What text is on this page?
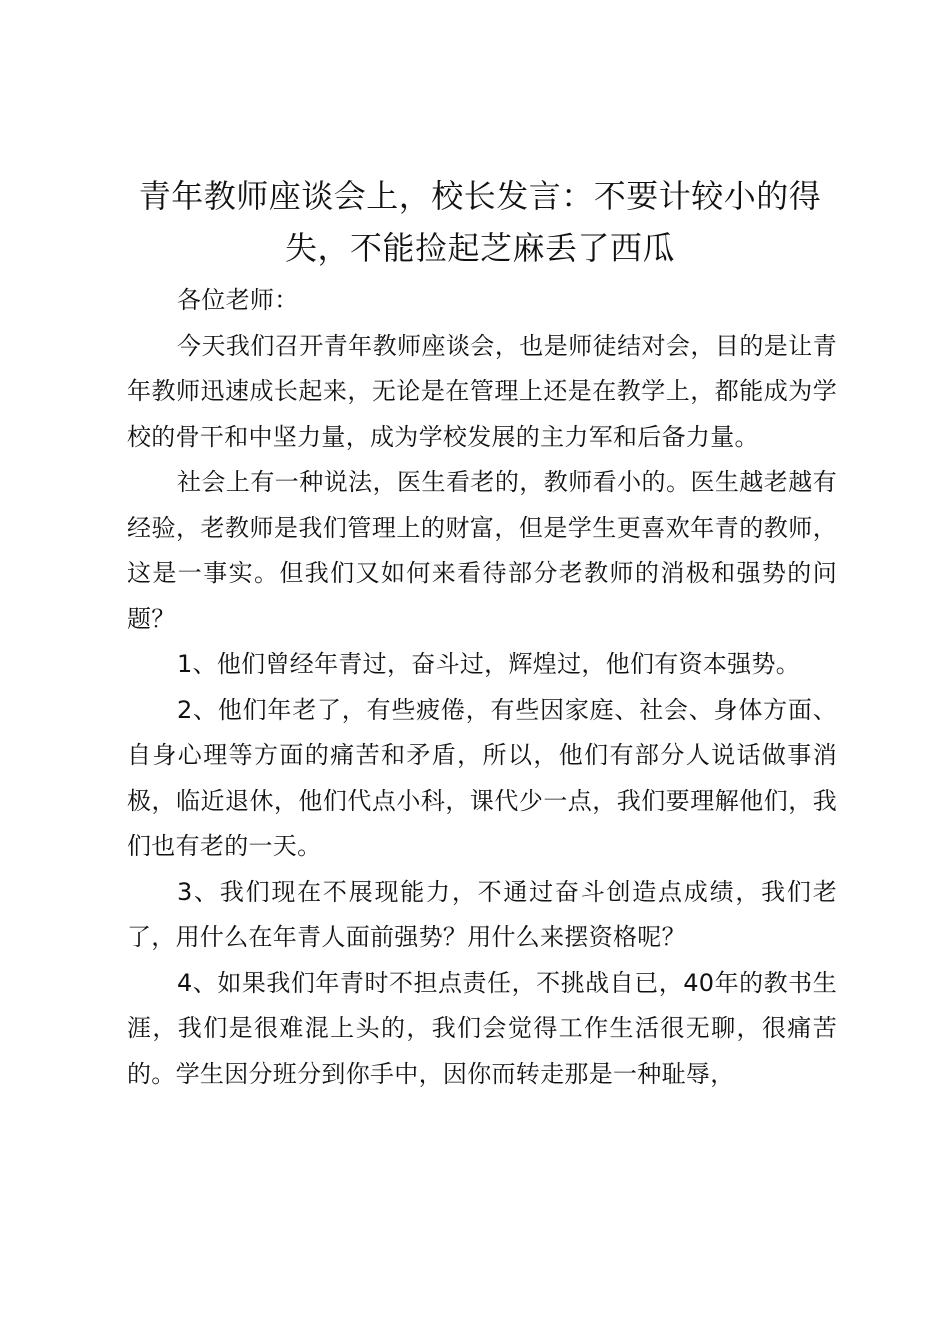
青年教师座谈会上，校长发言：不要计较小的得失，不能捡起芝麻丢了西瓜

各位老师：

今天我们召开青年教师座谈会，也是师徒结对会，目的是让青年教师迅速成长起来，无论是在管理上还是在教学上，都能成为学校的骨干和中坚力量，成为学校发展的主力军和后备力量。

社会上有一种说法，医生看老的，教师看小的。医生越老越有经验，老教师是我们管理上的财富，但是学生更喜欢年青的教师，这是一事实。但我们又如何来看待部分老教师的消极和强势的问题？

1、他们曾经年青过，奋斗过，辉煌过，他们有资本强势。

2、他们年老了，有些疲倦，有些因家庭、社会、身体方面、自身心理等方面的痛苦和矛盾，所以，他们有部分人说话做事消极，临近退休，他们代点小科，课代少一点，我们要理解他们，我们也有老的一天。

3、我们现在不展现能力，不通过奋斗创造点成绩，我们老了，用什么在年青人面前强势？用什么来摆资格呢？

4、如果我们年青时不担点责任，不挑战自已，40年的教书生涯，我们是很难混上头的，我们会觉得工作生活很无聊，很痛苦的。学生因分班分到你手中，因你而转走那是一种耻辱，
